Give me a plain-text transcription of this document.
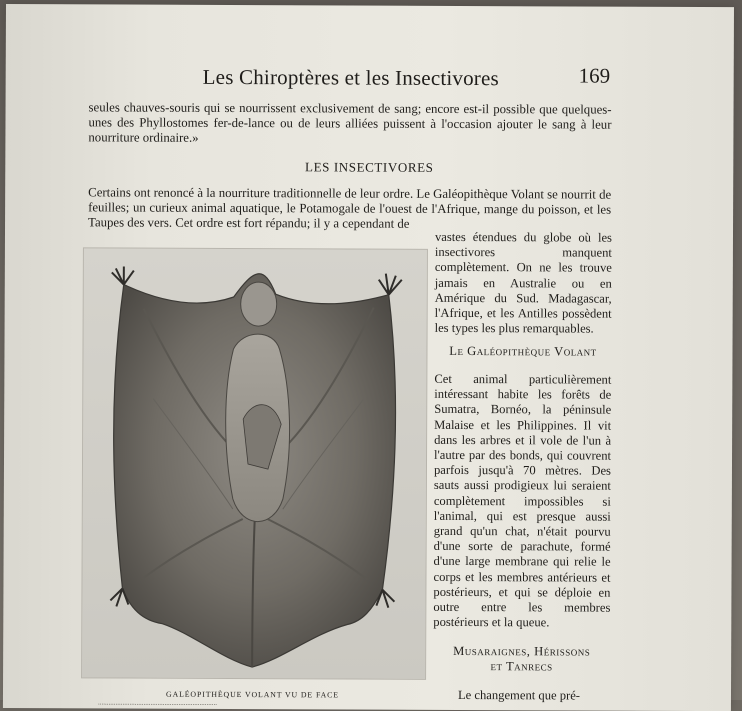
Les Chiroptères et les Insectivores	169
seules chauves-souris qui se nourrissent exclusivement de sang; encore est-il possible que quelques-unes des Phyllostomes fer-de-lance ou de leurs alliées puissent à l'occasion ajouter le sang à leur nourriture ordinaire.»
LES INSECTIVORES
Certains ont renoncé à la nourriture traditionnelle de leur ordre. Le Galéopithèque Volant se nourrit de feuilles; un curieux animal aquatique, le Potamogale de l'ouest de l'Afrique, mange du poisson, et les Taupes des vers. Cet ordre est fort répandu; il y a cependant de
vastes étendues du globe où les insectivores manquent complètement. On ne les trouve jamais en Australie ou en Amérique du Sud. Madagascar, l'Afrique, et les Antilles possèdent les types les plus remarquables.
Le Galéopithèque Volant
Cet animal particulièrement intéressant habite les forêts de Sumatra, Bornéo, la péninsule Malaise et les Philippines. Il vit dans les arbres et il vole de l'un à l'autre par des bonds, qui couvrent parfois jusqu'à 70 mètres. Des sauts aussi prodigieux lui seraient complètement impossibles si l'animal, qui est presque aussi grand qu'un chat, n'était pourvu d'une sorte de parachute, formé d'une large membrane qui relie le corps et les membres antérieurs et postérieurs, et qui se déploie en outre entre les membres postérieurs et la queue.
Musaraignes, Hérissons
et Tanrecs
Le changement que pré-
GALÉOPITHÈQUE VOLANT VU DE FACE
....................................................................
